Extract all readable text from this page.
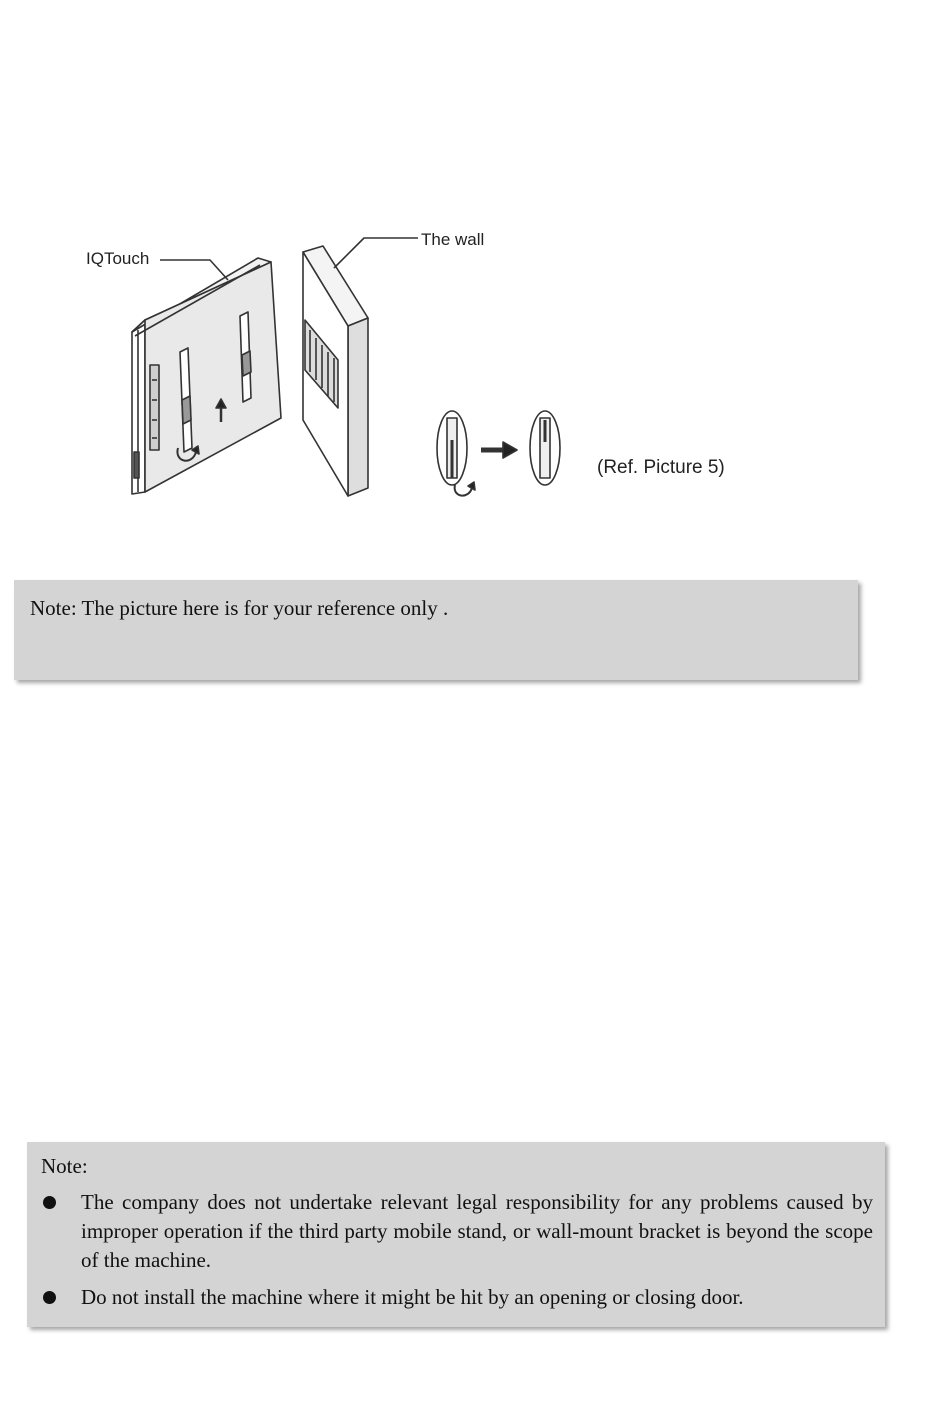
IQTouch
The wall
(Ref. Picture 5)
Note: The picture here is for your reference only .
Note:
The company does not undertake relevant legal responsibility for any problems caused by improper operation if the third party mobile stand, or wall-mount bracket is beyond the scope of the machine.
Do not install the machine where it might be hit by an opening or closing door.
